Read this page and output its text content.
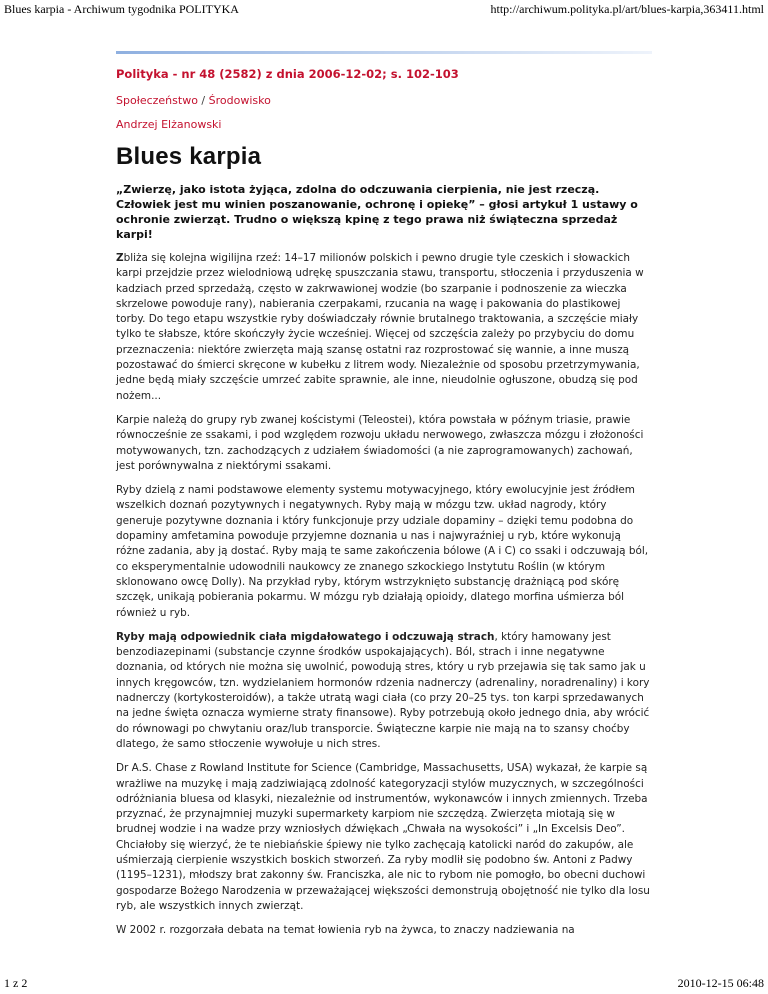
Blues karpia - Archiwum tygodnika POLITYKA	http://archiwum.polityka.pl/art/blues-karpia,363411.html
Polityka - nr 48 (2582) z dnia 2006-12-02; s. 102-103
Społeczeństwo / Środowisko
Andrzej Elżanowski
Blues karpia
„Zwierzę, jako istota żyjąca, zdolna do odczuwania cierpienia, nie jest rzeczą. Człowiek jest mu winien poszanowanie, ochronę i opiekę” – głosi artykuł 1 ustawy o ochronie zwierząt. Trudno o większą kpinę z tego prawa niż świąteczna sprzedaż karpi!

Zbliża się kolejna wigilijna rzeź: 14–17 milionów polskich i pewno drugie tyle czeskich i słowackich karpi przejdzie przez wielodniową udrękę spuszczania stawu, transportu, stłoczenia i przyduszenia w kadziach przed sprzedażą, często w zakrwawionej wodzie (bo szarpanie i podnoszenie za wieczka skrzelowe powoduje rany), nabierania czerpakami, rzucania na wagę i pakowania do plastikowej torby. Do tego etapu wszystkie ryby doświadczały równie brutalnego traktowania, a szczęście miały tylko te słabsze, które skończyły życie wcześniej. Więcej od szczęścia zależy po przybyciu do domu przeznaczenia: niektóre zwierzęta mają szansę ostatni raz rozprostować się wannie, a inne muszą pozostawać do śmierci skręcone w kubełku z litrem wody. Niezależnie od sposobu przetrzymywania, jedne będą miały szczęście umrzeć zabite sprawnie, ale inne, nieudolnie ogłuszone, obudzą się pod nożem...

Karpie należą do grupy ryb zwanej kościstymi (Teleostei), która powstała w późnym triasie, prawie równocześnie ze ssakami, i pod względem rozwoju układu nerwowego, zwłaszcza mózgu i złożoności motywowanych, tzn. zachodzących z udziałem świadomości (a nie zaprogramowanych) zachowań, jest porównywalna z niektórymi ssakami.

Ryby dzielą z nami podstawowe elementy systemu motywacyjnego, który ewolucyjnie jest źródłem wszelkich doznań pozytywnych i negatywnych. Ryby mają w mózgu tzw. układ nagrody, który generuje pozytywne doznania i który funkcjonuje przy udziale dopaminy – dzięki temu podobna do dopaminy amfetamina powoduje przyjemne doznania u nas i najwyraźniej u ryb, które wykonują różne zadania, aby ją dostać. Ryby mają te same zakończenia bólowe (A i C) co ssaki i odczuwają ból, co eksperymentalnie udowodnili naukowcy ze znanego szkockiego Instytutu Roślin (w którym sklonowano owcę Dolly). Na przykład ryby, którym wstrzyknięto substancję drażniącą pod skórę szczęk, unikają pobierania pokarmu. W mózgu ryb działają opioidy, dlatego morfina uśmierza ból również u ryb.

Ryby mają odpowiednik ciała migdałowatego i odczuwają strach, który hamowany jest benzodiazepinami (substancje czynne środków uspokajających). Ból, strach i inne negatywne doznania, od których nie można się uwolnić, powodują stres, który u ryb przejawia się tak samo jak u innych kręgowców, tzn. wydzielaniem hormonów rdzenia nadnerczy (adrenaliny, noradrenaliny) i kory nadnerczy (kortykosteroidów), a także utratą wagi ciała (co przy 20–25 tys. ton karpi sprzedawanych na jedne święta oznacza wymierne straty finansowe). Ryby potrzebują około jednego dnia, aby wrócić do równowagi po chwytaniu oraz/lub transporcie. Świąteczne karpie nie mają na to szansy choćby dlatego, że samo stłoczenie wywołuje u nich stres.

Dr A.S. Chase z Rowland Institute for Science (Cambridge, Massachusetts, USA) wykazał, że karpie są wrażliwe na muzykę i mają zadziwiającą zdolność kategoryzacji stylów muzycznych, w szczególności odróżniania bluesa od klasyki, niezależnie od instrumentów, wykonawców i innych zmiennych. Trzeba przyznać, że przynajmniej muzyki supermarkety karpiom nie szczędzą. Zwierzęta miotają się w brudnej wodzie i na wadze przy wzniosłych dźwiękach „Chwała na wysokości” i „In Excelsis Deo”. Chciałoby się wierzyć, że te niebiańskie śpiewy nie tylko zachęcają katolicki naród do zakupów, ale uśmierzają cierpienie wszystkich boskich stworzeń. Za ryby modlił się podobno św. Antoni z Padwy (1195–1231), młodszy brat zakonny św. Franciszka, ale nic to rybom nie pomogło, bo obecni duchowi gospodarze Bożego Narodzenia w przeważającej większości demonstrują obojętność nie tylko dla losu ryb, ale wszystkich innych zwierząt.

W 2002 r. rozgorzała debata na temat łowienia ryb na żywca, to znaczy nadziewania na

1 z 2	2010-12-15 06:48
